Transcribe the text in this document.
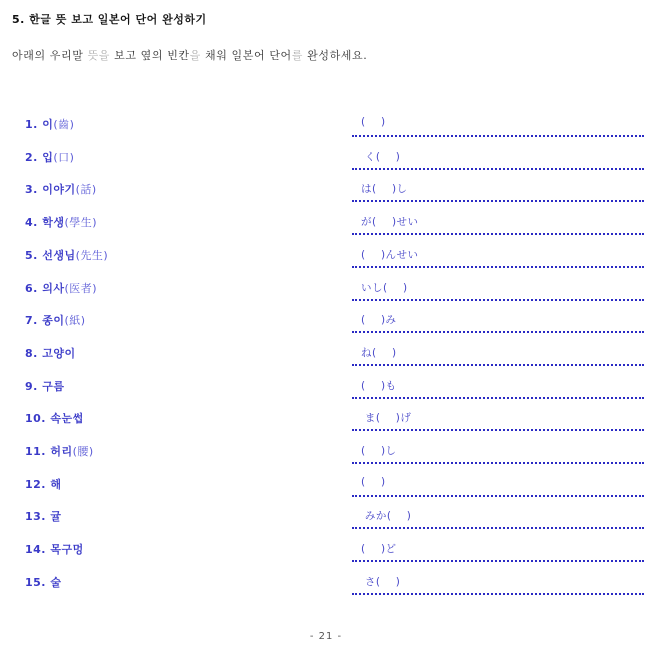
5. 한글 뜻 보고 일본어 단어 완성하기
아래의 우리말 뜻을 보고 옆의 빈칸을 채워 일본어 단어를 완성하세요.
1. 이(齒)	(    )
2. 입(口)	く(    )
3. 이야기(話)	は(    )し
4. 학생(學生)	が(    )せい
5. 선생님(先生)	(    )んせい
6. 의사(医者)	いし(    )
7. 종이(紙)	(    )み
8. 고양이	ね(    )
9. 구름	(    )も
10. 속눈썹	ま(    )げ
11. 허리(腰)	(    )し
12. 해	(    )
13. 귤	みか(    )
14. 목구멍	(    )ど
15. 술	さ(    )
- 21 -
